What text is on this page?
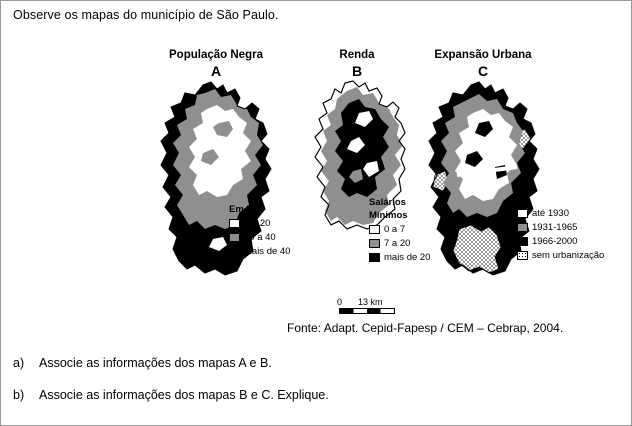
Observe os mapas do município de São Paulo.
População Negra
A
Em %
0 a 20
20 a 40
mais de 40
Renda
B
Salários
Mínimos
0 a 7
7 a 20
mais de 20
Expansão Urbana
C
até 1930
1931-1965
1966-2000
sem urbanização
0 13 km
Fonte: Adapt. Cepid-Fapesp / CEM – Cebrap, 2004.
a) Associe as informações dos mapas A e B.
b) Associe as informações dos mapas B e C. Explique.
